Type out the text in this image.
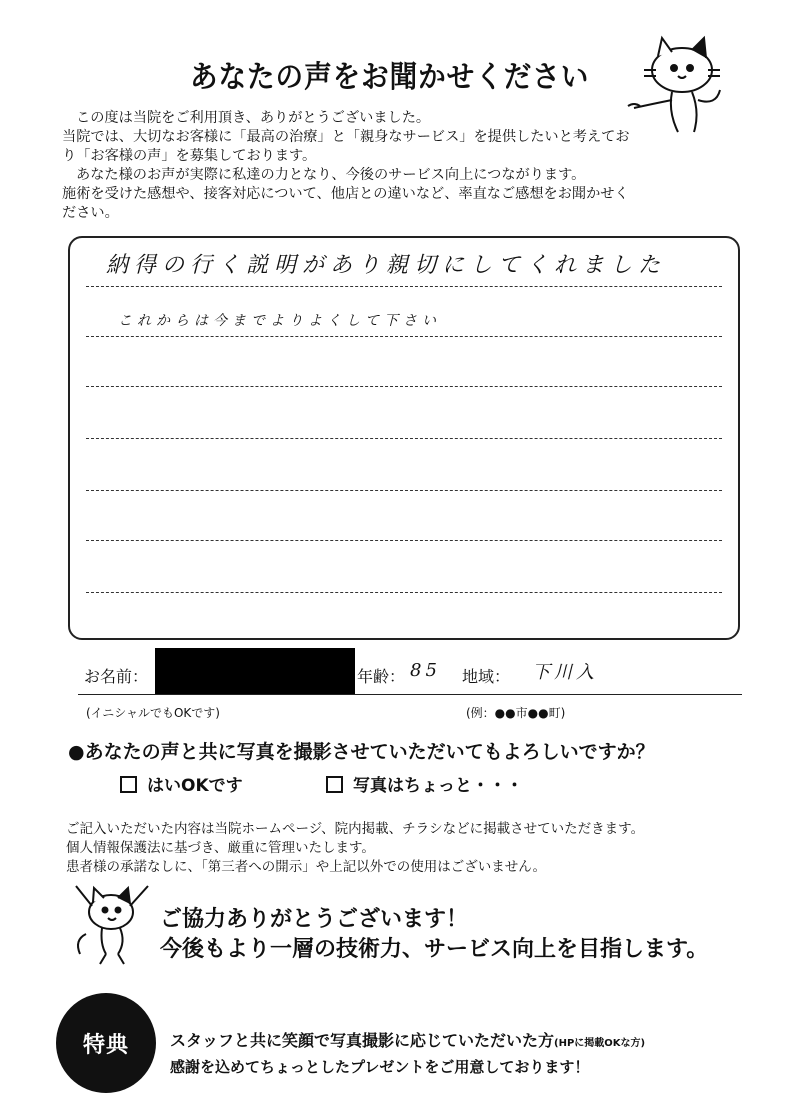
あなたの声をお聞かせください
この度は当院をご利用頂き、ありがとうございました。
当院では、大切なお客様に「最高の治療」と「親身なサービス」を提供したいと考えてお
り「お客様の声」を募集しております。
あなた様のお声が実際に私達の力となり、今後のサービス向上につながります。
施術を受けた感想や、接客対応について、他店との違いなど、率直なご感想をお聞かせく
ださい。
納得の行く説明があり親切にしてくれました
これからは今までよりよくして下さい
お名前：	年齢： 85 地域： 下川入
(イニシャルでもOKです)	(例：●●市●●町)
●あなたの声と共に写真を撮影させていただいてもよろしいですか？
はいOKです	写真はちょっと・・・
ご記入いただいた内容は当院ホームページ、院内掲載、チラシなどに掲載させていただきます。
個人情報保護法に基づき、厳重に管理いたします。
患者様の承諾なしに、「第三者への開示」や上記以外での使用はございません。
ご協力ありがとうございます！
今後もより一層の技術力、サービス向上を目指します。
特典	スタッフと共に笑顔で写真撮影に応じていただいた方(HPに掲載OKな方)
感謝を込めてちょっとしたプレゼントをご用意しております！
